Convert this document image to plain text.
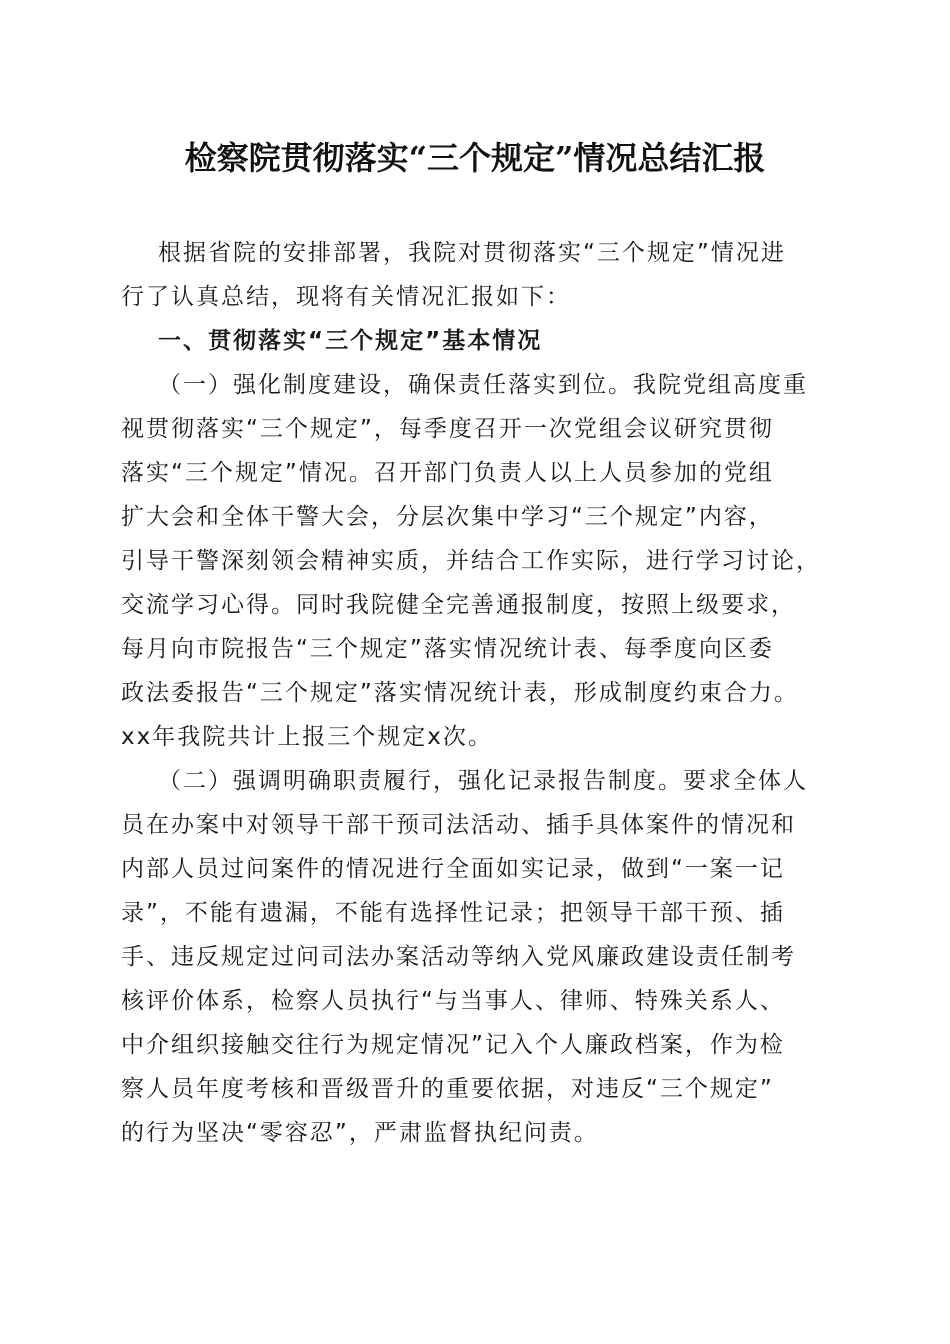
检察院贯彻落实“三个规定”情况总结汇报
根据省院的安排部署，我院对贯彻落实“三个规定”情况进
行了认真总结，现将有关情况汇报如下：
一、贯彻落实“三个规定”基本情况
（一）强化制度建设，确保责任落实到位。我院党组高度重
视贯彻落实“三个规定”，每季度召开一次党组会议研究贯彻
落实“三个规定”情况。召开部门负责人以上人员参加的党组
扩大会和全体干警大会，分层次集中学习“三个规定”内容，
引导干警深刻领会精神实质，并结合工作实际，进行学习讨论，
交流学习心得。同时我院健全完善通报制度，按照上级要求，
每月向市院报告“三个规定”落实情况统计表、每季度向区委
政法委报告“三个规定”落实情况统计表，形成制度约束合力。
xx年我院共计上报三个规定x次。
（二）强调明确职责履行，强化记录报告制度。要求全体人
员在办案中对领导干部干预司法活动、插手具体案件的情况和
内部人员过问案件的情况进行全面如实记录，做到“一案一记
录”，不能有遗漏，不能有选择性记录；把领导干部干预、插
手、违反规定过问司法办案活动等纳入党风廉政建设责任制考
核评价体系，检察人员执行“与当事人、律师、特殊关系人、
中介组织接触交往行为规定情况”记入个人廉政档案，作为检
察人员年度考核和晋级晋升的重要依据，对违反“三个规定”
的行为坚决“零容忍”，严肃监督执纪问责。
